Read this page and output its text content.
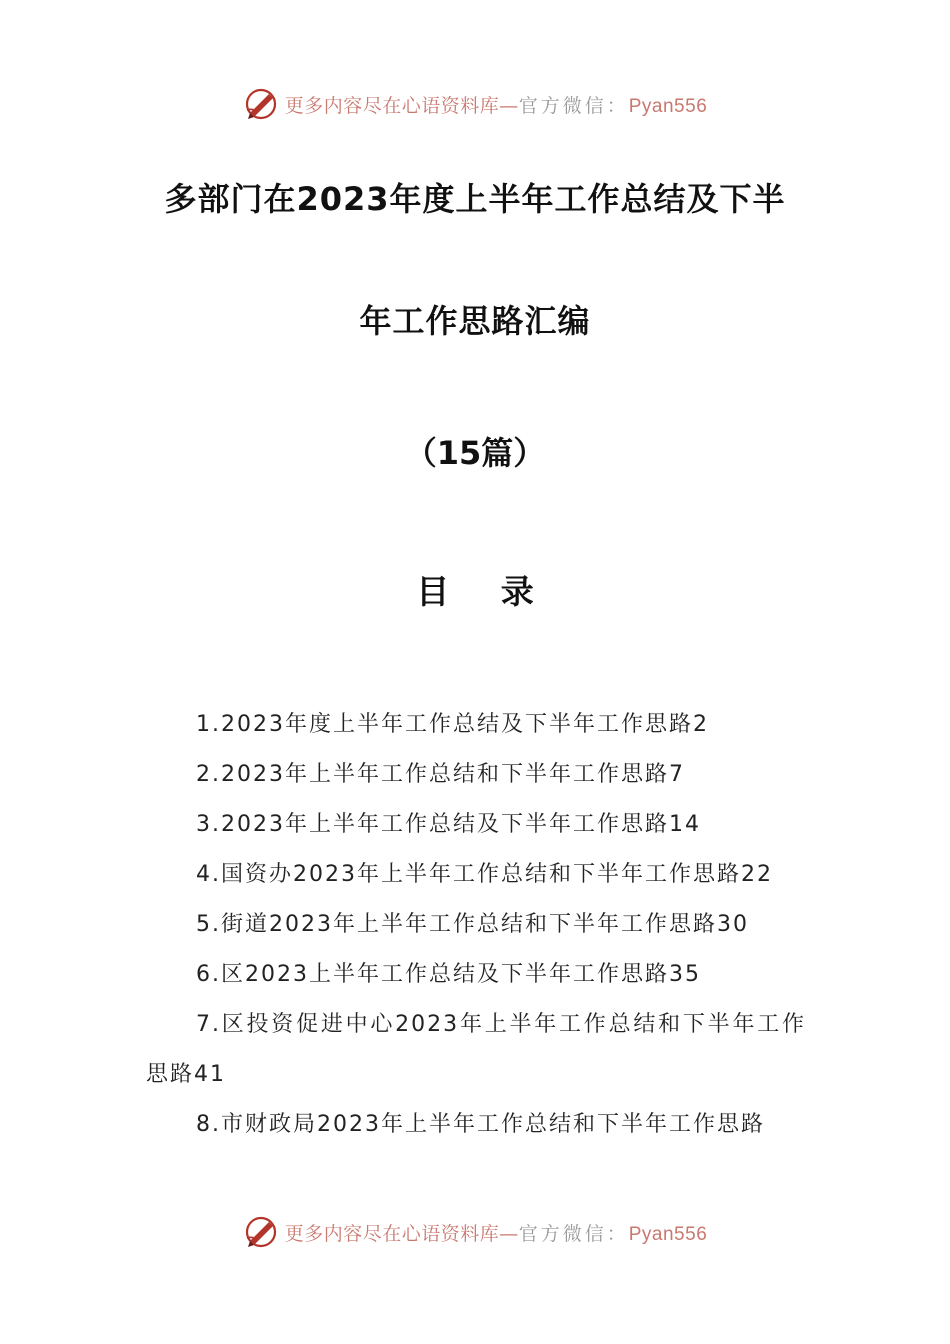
更多内容尽在心语资料库—官方微信：Pyan556
多部门在2023年度上半年工作总结及下半
年工作思路汇编
（15篇）
目 录

1.2023年度上半年工作总结及下半年工作思路2

2.2023年上半年工作总结和下半年工作思路7

3.2023年上半年工作总结及下半年工作思路14

4.国资办2023年上半年工作总结和下半年工作思路22

5.街道2023年上半年工作总结和下半年工作思路30

6.区2023上半年工作总结及下半年工作思路35

7.区投资促进中心2023年上半年工作总结和下半年工作思路41

8.市财政局2023年上半年工作总结和下半年工作思路

更多内容尽在心语资料库—官方微信：Pyan556
